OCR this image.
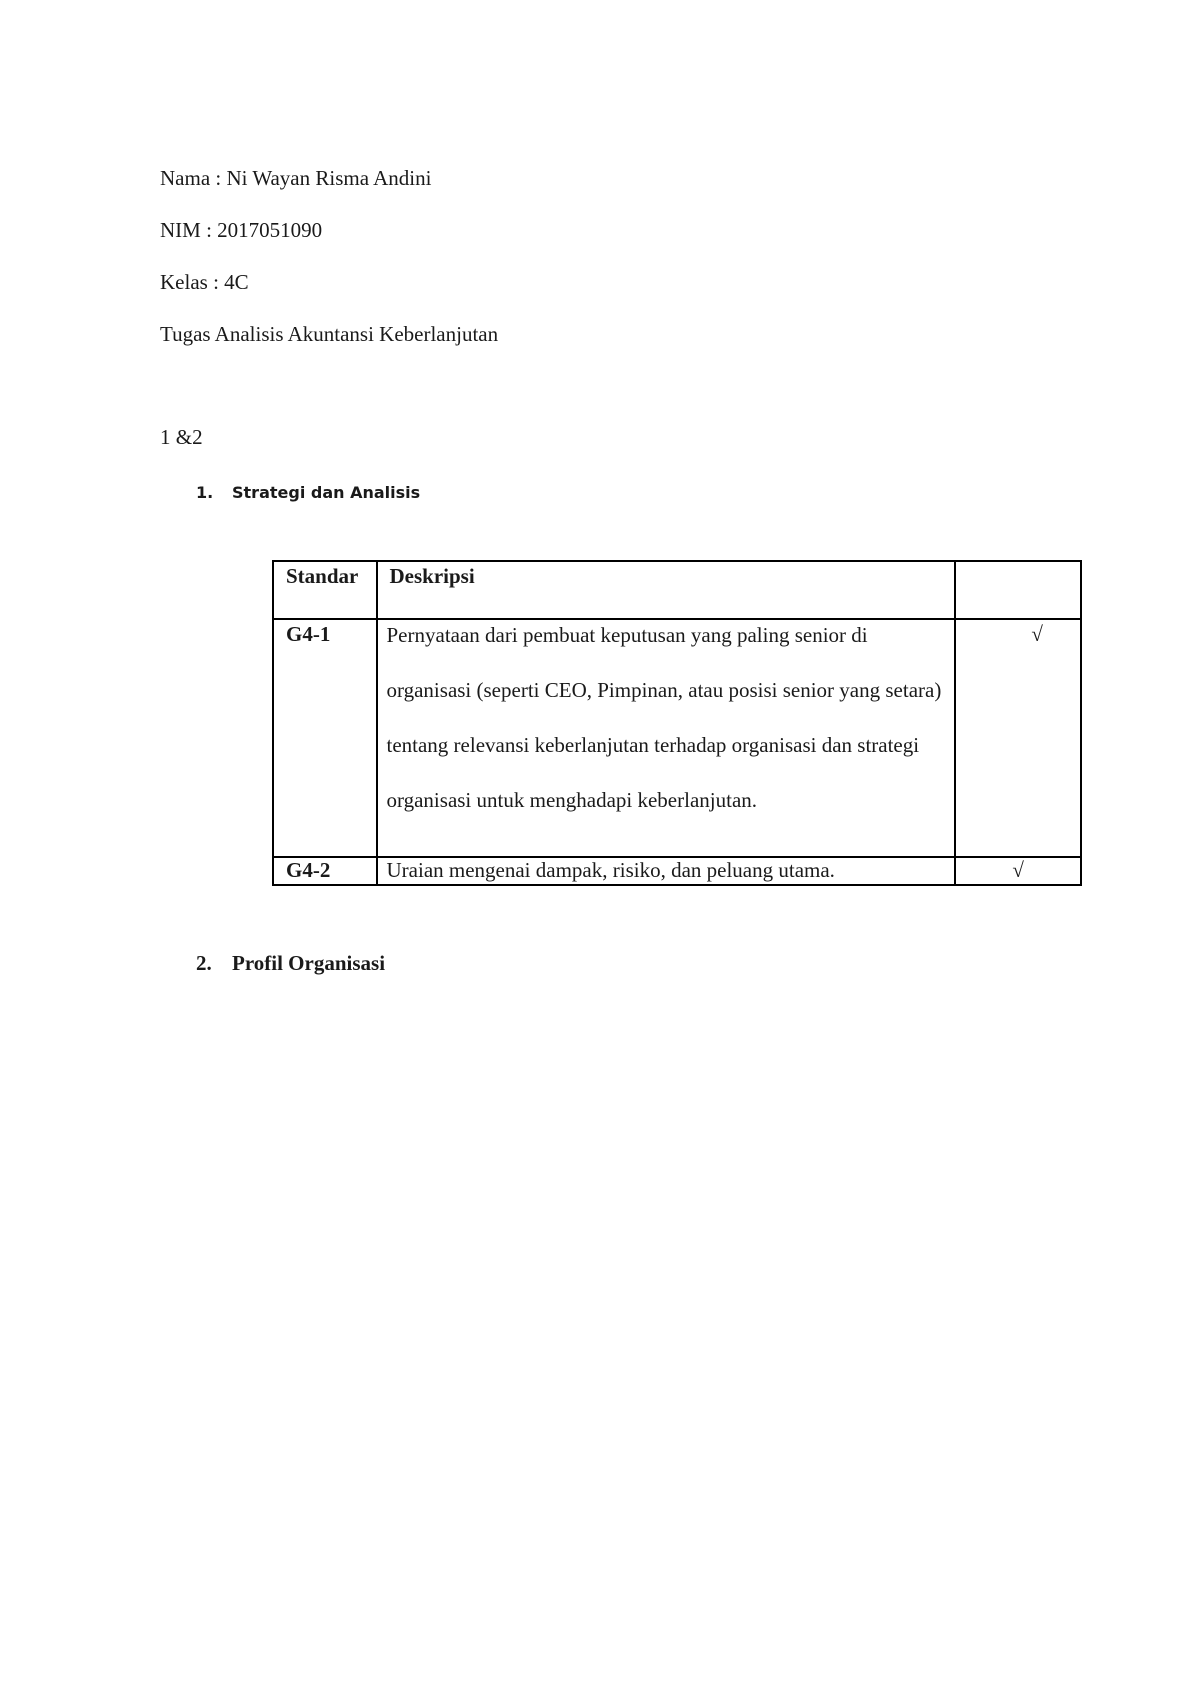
Nama : Ni Wayan Risma Andini
NIM : 2017051090
Kelas : 4C
Tugas Analisis Akuntansi Keberlanjutan
1 &2
1. Strategi dan Analisis
Standar	Deskripsi	

G4-1	Pernyataan dari pembuat keputusan yang paling senior di organisasi (seperti CEO, Pimpinan, atau posisi senior yang setara) tentang relevansi keberlanjutan terhadap organisasi dan strategi organisasi untuk menghadapi keberlanjutan.	√

G4-2	Uraian mengenai dampak, risiko, dan peluang utama.	√
2. Profil Organisasi
